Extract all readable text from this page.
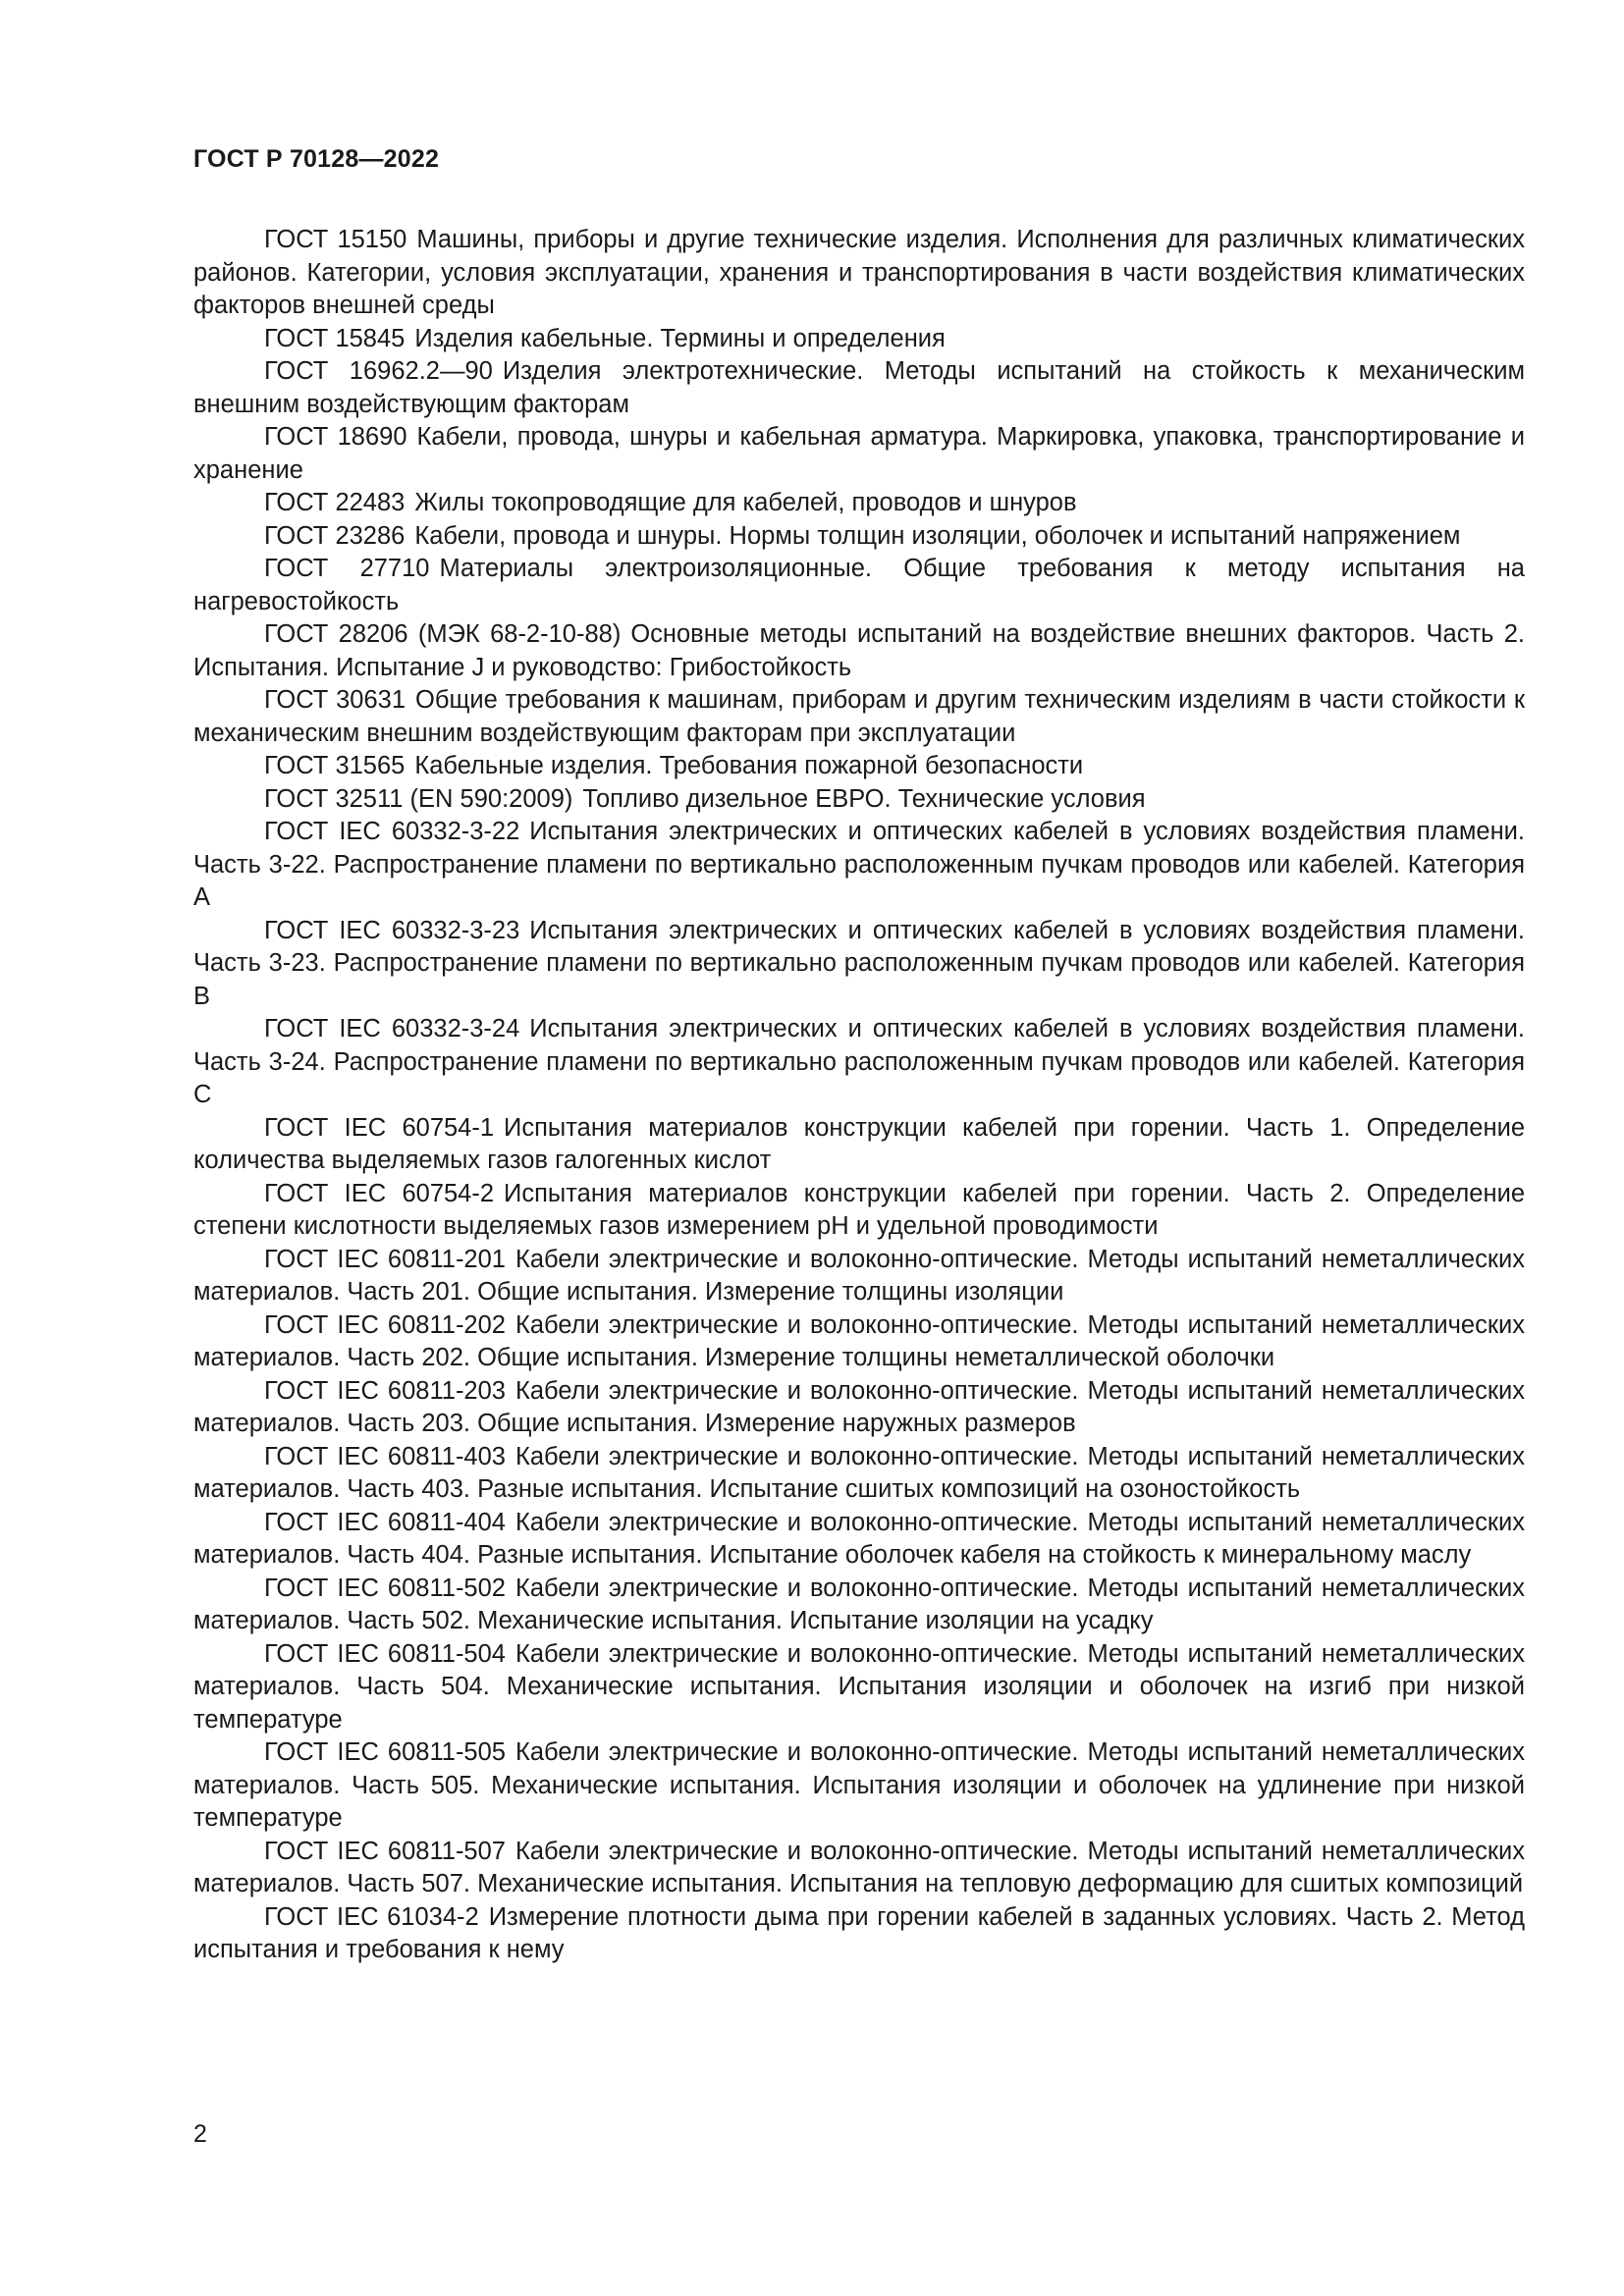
ГОСТ Р 70128—2022

ГОСТ 15150 Машины, приборы и другие технические изделия. Исполнения для различных климатических районов. Категории, условия эксплуатации, хранения и транспортирования в части воздействия климатических факторов внешней среды

ГОСТ 15845 Изделия кабельные. Термины и определения

ГОСТ 16962.2—90 Изделия электротехнические. Методы испытаний на стойкость к механическим внешним воздействующим факторам

ГОСТ 18690 Кабели, провода, шнуры и кабельная арматура. Маркировка, упаковка, транспортирование и хранение

ГОСТ 22483 Жилы токопроводящие для кабелей, проводов и шнуров

ГОСТ 23286 Кабели, провода и шнуры. Нормы толщин изоляции, оболочек и испытаний напряжением

ГОСТ 27710 Материалы электроизоляционные. Общие требования к методу испытания на нагревостойкость

ГОСТ 28206 (МЭК 68-2-10-88) Основные методы испытаний на воздействие внешних факторов. Часть 2. Испытания. Испытание J и руководство: Грибостойкость

ГОСТ 30631 Общие требования к машинам, приборам и другим техническим изделиям в части стойкости к механическим внешним воздействующим факторам при эксплуатации

ГОСТ 31565 Кабельные изделия. Требования пожарной безопасности

ГОСТ 32511 (EN 590:2009) Топливо дизельное ЕВРО. Технические условия

ГОСТ IEC 60332-3-22 Испытания электрических и оптических кабелей в условиях воздействия пламени. Часть 3-22. Распространение пламени по вертикально расположенным пучкам проводов или кабелей. Категория А

ГОСТ IEC 60332-3-23 Испытания электрических и оптических кабелей в условиях воздействия пламени. Часть 3-23. Распространение пламени по вертикально расположенным пучкам проводов или кабелей. Категория В

ГОСТ IEC 60332-3-24 Испытания электрических и оптических кабелей в условиях воздействия пламени. Часть 3-24. Распространение пламени по вертикально расположенным пучкам проводов или кабелей. Категория С

ГОСТ IEC 60754-1 Испытания материалов конструкции кабелей при горении. Часть 1. Определение количества выделяемых газов галогенных кислот

ГОСТ IEC 60754-2 Испытания материалов конструкции кабелей при горении. Часть 2. Определение степени кислотности выделяемых газов измерением рН и удельной проводимости

ГОСТ IEC 60811-201 Кабели электрические и волоконно-оптические. Методы испытаний неметаллических материалов. Часть 201. Общие испытания. Измерение толщины изоляции

ГОСТ IEC 60811-202 Кабели электрические и волоконно-оптические. Методы испытаний неметаллических материалов. Часть 202. Общие испытания. Измерение толщины неметаллической оболочки

ГОСТ IEC 60811-203 Кабели электрические и волоконно-оптические. Методы испытаний неметаллических материалов. Часть 203. Общие испытания. Измерение наружных размеров

ГОСТ IEC 60811-403 Кабели электрические и волоконно-оптические. Методы испытаний неметаллических материалов. Часть 403. Разные испытания. Испытание сшитых композиций на озоностойкость

ГОСТ IEC 60811-404 Кабели электрические и волоконно-оптические. Методы испытаний неметаллических материалов. Часть 404. Разные испытания. Испытание оболочек кабеля на стойкость к минеральному маслу

ГОСТ IEC 60811-502 Кабели электрические и волоконно-оптические. Методы испытаний неметаллических материалов. Часть 502. Механические испытания. Испытание изоляции на усадку

ГОСТ IEC 60811-504 Кабели электрические и волоконно-оптические. Методы испытаний неметаллических материалов. Часть 504. Механические испытания. Испытания изоляции и оболочек на изгиб при низкой температуре

ГОСТ IEC 60811-505 Кабели электрические и волоконно-оптические. Методы испытаний неметаллических материалов. Часть 505. Механические испытания. Испытания изоляции и оболочек на удлинение при низкой температуре

ГОСТ IEC 60811-507 Кабели электрические и волоконно-оптические. Методы испытаний неметаллических материалов. Часть 507. Механические испытания. Испытания на тепловую деформацию для сшитых композиций

ГОСТ IEC 61034-2 Измерение плотности дыма при горении кабелей в заданных условиях. Часть 2. Метод испытания и требования к нему

2
